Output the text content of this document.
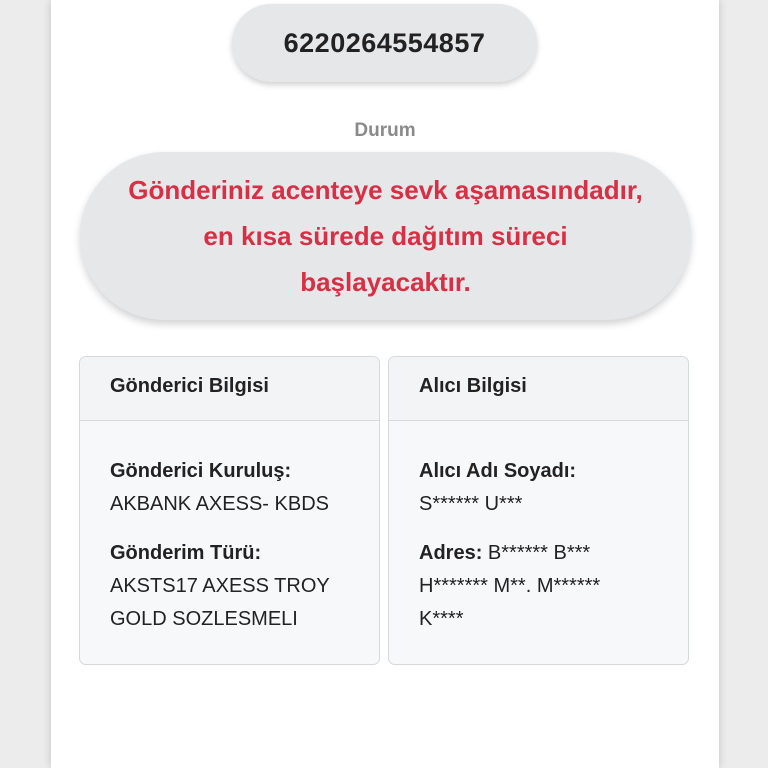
6220264554857
Durum

Gönderiniz acenteye sevk aşamasındadır,
en kısa sürede dağıtım süreci
başlayacaktır.

Gönderici Bilgisi

Gönderici Kuruluş:

AKBANK AXESS- KBDS

Gönderim Türü:

AKSTS17 AXESS TROY
GOLD SOZLESMELI

Alıcı Bilgisi

Alıcı Adı Soyadı:

S****** U***

Adres: B****** B***
H******* M**. M******
K****
